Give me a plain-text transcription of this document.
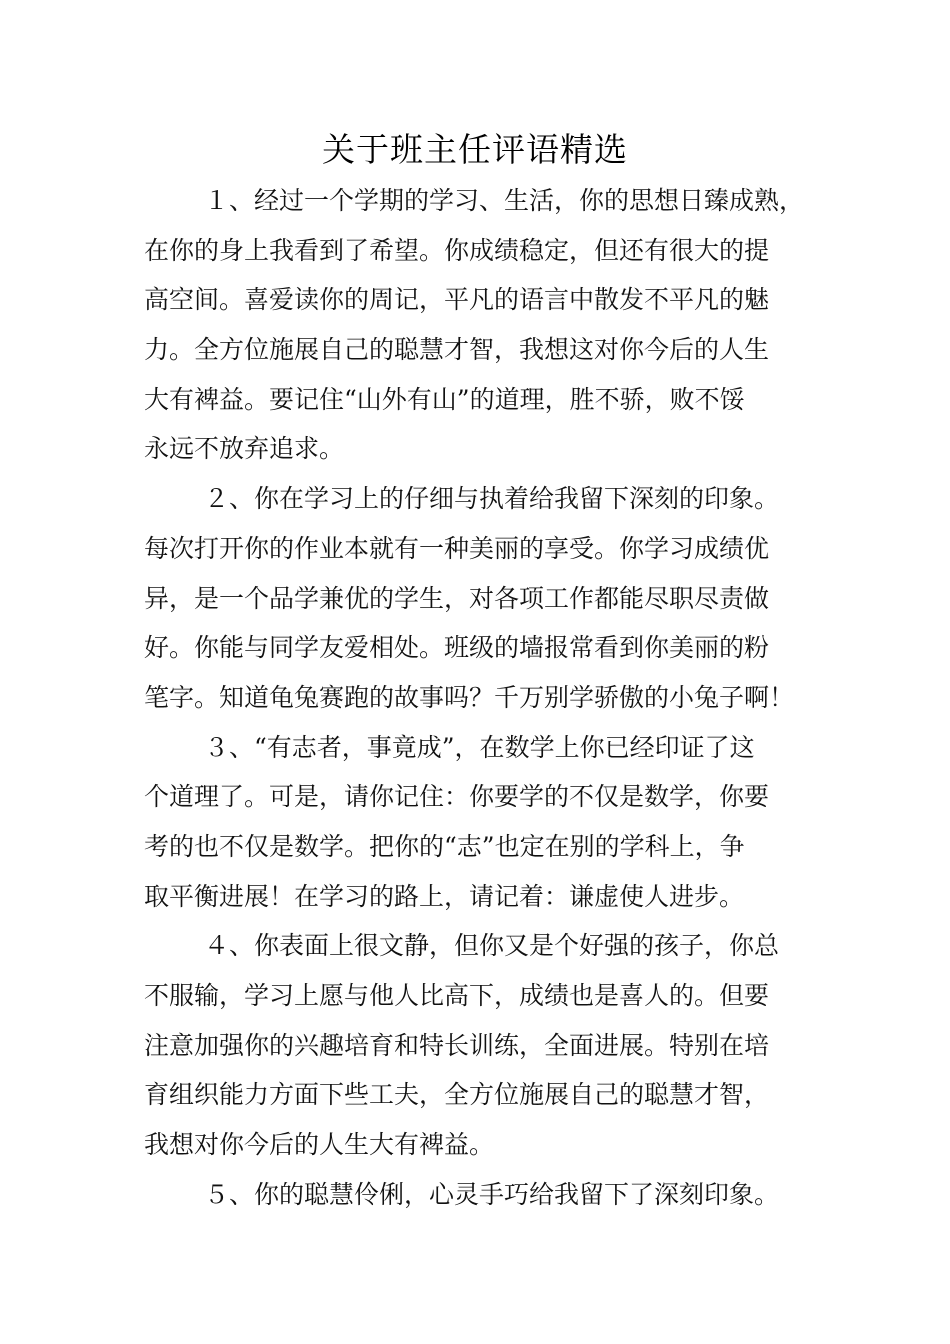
关于班主任评语精选
１、经过一个学期的学习、生活，你的思想日臻成熟，
在你的身上我看到了希望。你成绩稳定，但还有很大的提
高空间。喜爱读你的周记，平凡的语言中散发不平凡的魅
力。全方位施展自己的聪慧才智，我想这对你今后的人生
大有裨益。要记住“山外有山”的道理，胜不骄，败不馁
永远不放弃追求。
２、你在学习上的仔细与执着给我留下深刻的印象。
每次打开你的作业本就有一种美丽的享受。你学习成绩优
异，是一个品学兼优的学生，对各项工作都能尽职尽责做
好。你能与同学友爱相处。班级的墙报常看到你美丽的粉
笔字。知道龟兔赛跑的故事吗？千万别学骄傲的小兔子啊！
３、“有志者，事竟成”，在数学上你已经印证了这
个道理了。可是，请你记住：你要学的不仅是数学，你要
考的也不仅是数学。把你的“志”也定在别的学科上，争
取平衡进展！在学习的路上，请记着：谦虚使人进步。
４、你表面上很文静，但你又是个好强的孩子，你总
不服输，学习上愿与他人比高下，成绩也是喜人的。但要
注意加强你的兴趣培育和特长训练，全面进展。特别在培
育组织能力方面下些工夫，全方位施展自己的聪慧才智，
我想对你今后的人生大有裨益。
５、你的聪慧伶俐，心灵手巧给我留下了深刻印象。
